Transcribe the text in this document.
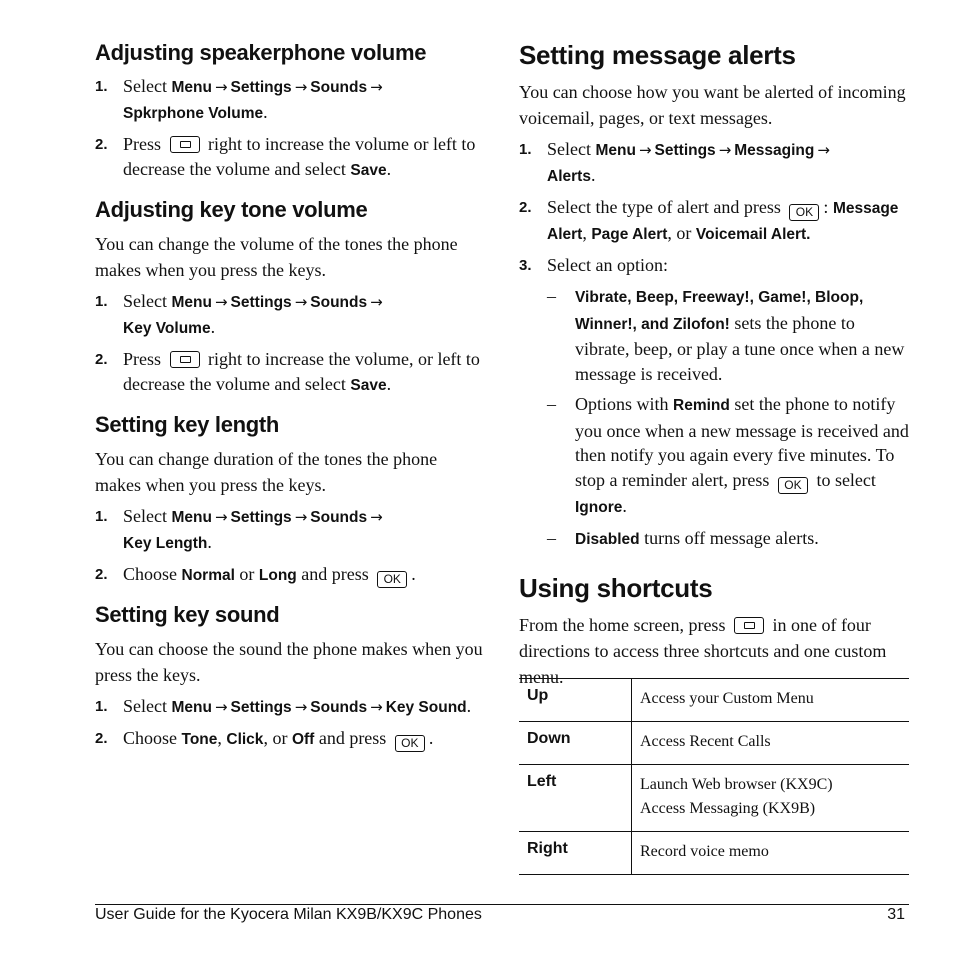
Adjusting speakerphone volume
1. Select Menu → Settings → Sounds →
Spkrphone Volume.
2. Press	right to increase the volume or left to decrease the volume and select Save.
Adjusting key tone volume

You can change the volume of the tones the phone makes when you press the keys.

1. Select Menu → Settings → Sounds →
Key Volume.
2. Press	right to increase the volume, or left to decrease the volume and select Save.
Setting key length

You can change duration of the tones the phone makes when you press the keys.

1. Select Menu → Settings → Sounds →
Key Length.
2. Choose Normal or Long and press OK .
Setting key sound

You can choose the sound the phone makes when you press the keys.

1. Select Menu → Settings → Sounds → Key Sound.
2. Choose Tone, Click, or Off and press OK .
Setting message alerts

You can choose how you want be alerted of incoming voicemail, pages, or text messages.

1. Select Menu → Settings → Messaging →
Alerts.
2. Select the type of alert and press OK : Message Alert, Page Alert, or Voicemail Alert.
3. Select an option:
– Vibrate, Beep, Freeway!, Game!, Bloop, Winner!, and Zilofon! sets the phone to vibrate, beep, or play a tune once when a new message is received.
– Options with Remind set the phone to notify you once when a new message is received and then notify you again every five minutes. To stop a reminder alert, press OK to select Ignore.
– Disabled turns off message alerts.
Using shortcuts

From the home screen, press	in one of four directions to access three shortcuts and one custom menu.

Up	Access your Custom Menu

Down	Access Recent Calls

Left	Launch Web browser (KX9C)
Access Messaging (KX9B)

Right	Record voice memo
User Guide for the Kyocera Milan KX9B/KX9C Phones	31
